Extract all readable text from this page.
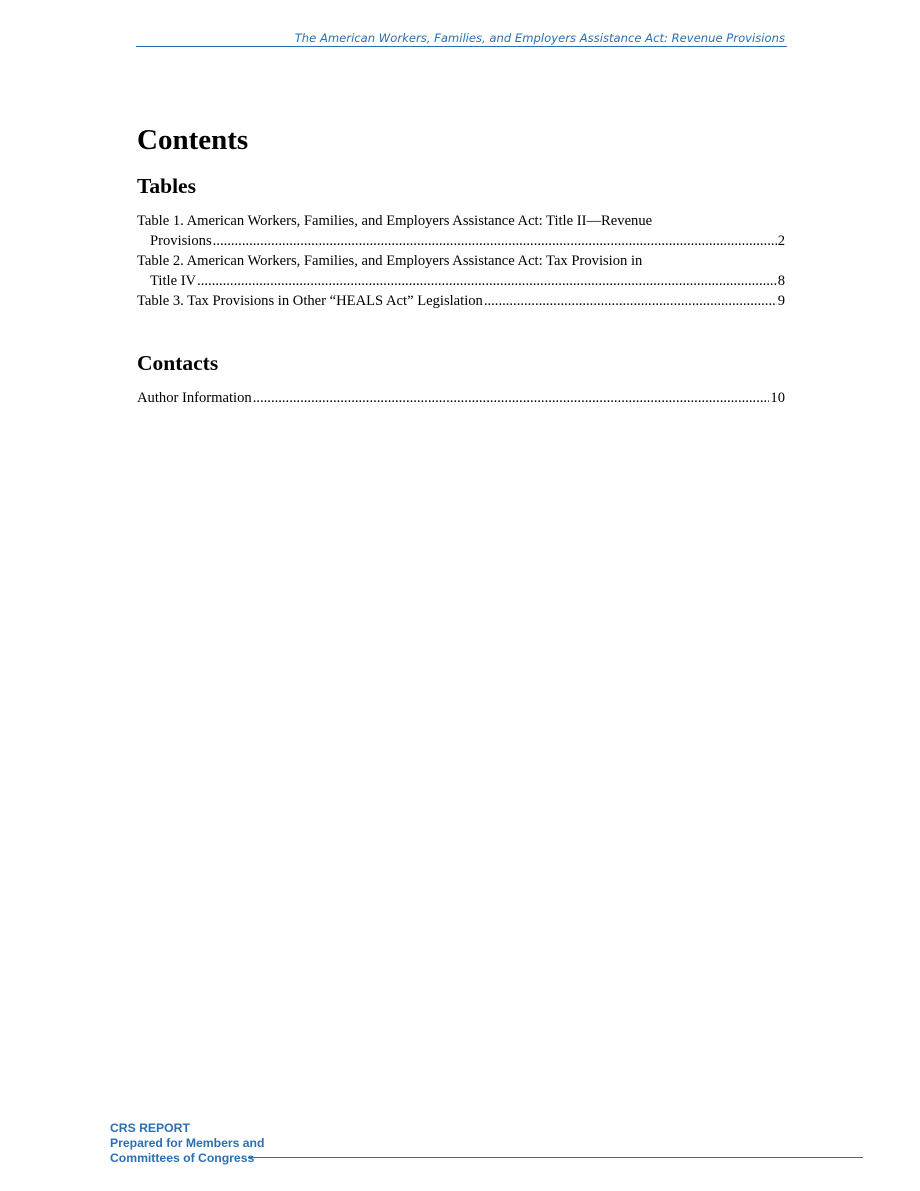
The American Workers, Families, and Employers Assistance Act: Revenue Provisions
Contents
Tables
Table 1. American Workers, Families, and Employers Assistance Act: Title II—Revenue
Provisions .....	2
Table 2. American Workers, Families, and Employers Assistance Act: Tax Provision in
Title IV .....	8
Table 3. Tax Provisions in Other “HEALS Act” Legislation .....	9
Contacts
Author Information .....	10
CRS REPORT
Prepared for Members and
Committees of Congress
